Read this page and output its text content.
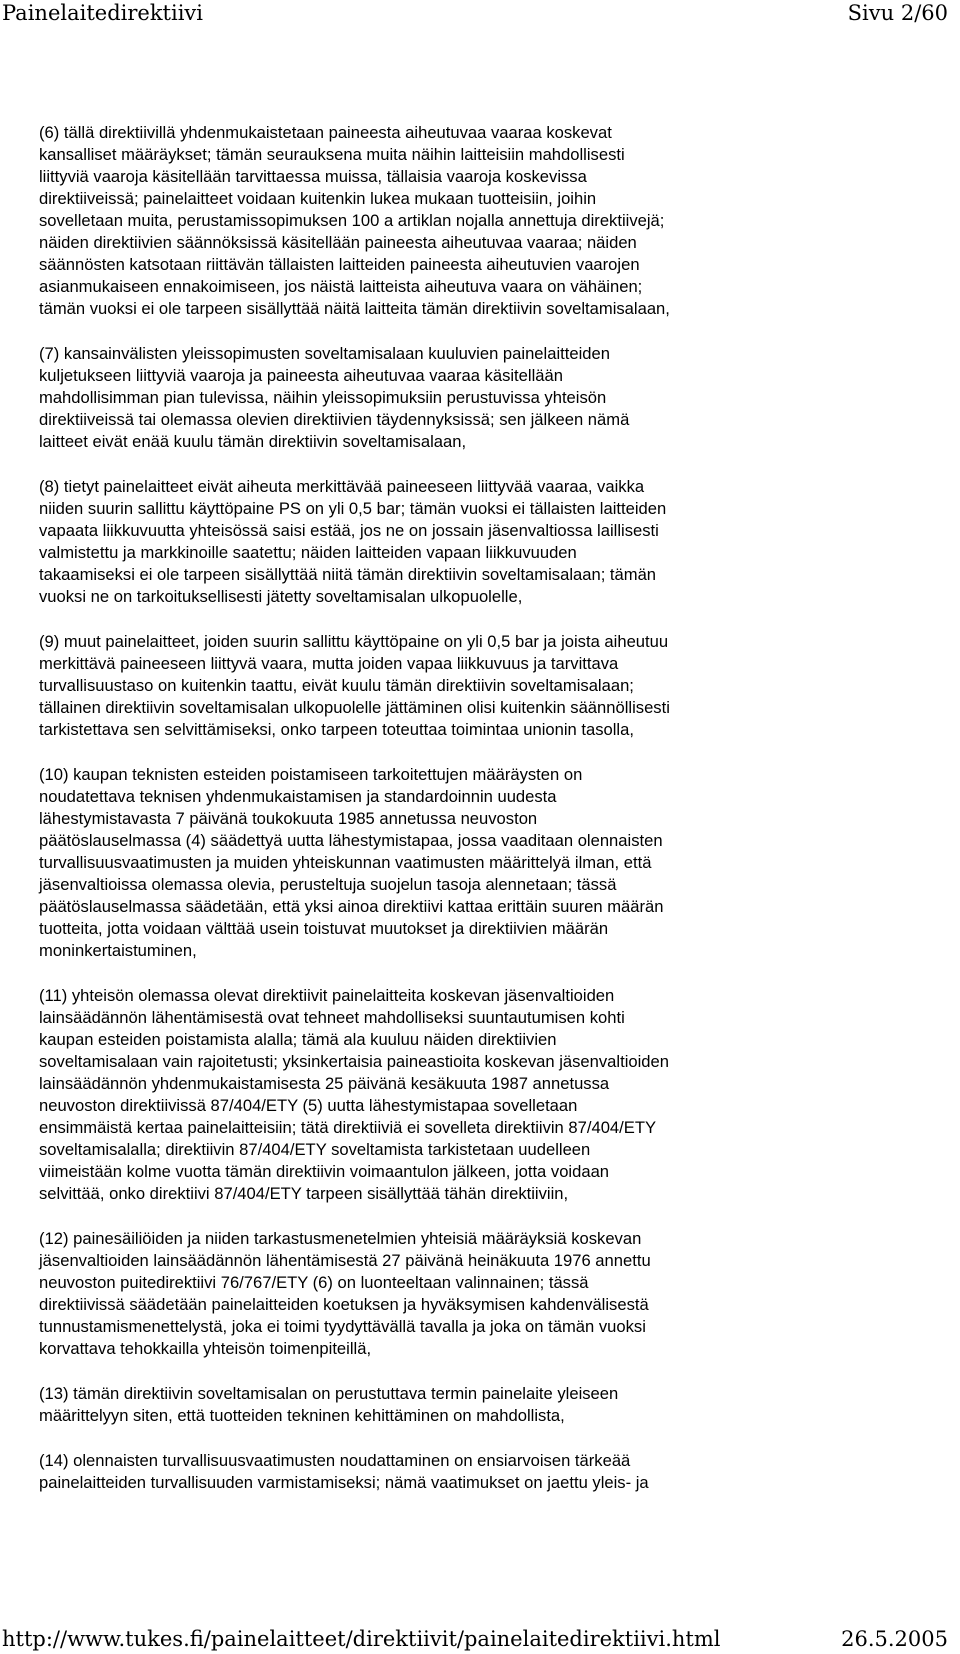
Painelaitedirektiivi	Sivu 2/60

(6) tällä direktiivillä yhdenmukaistetaan paineesta aiheutuvaa vaaraa koskevat
kansalliset määräykset; tämän seurauksena muita näihin laitteisiin mahdollisesti
liittyviä vaaroja käsitellään tarvittaessa muissa, tällaisia vaaroja koskevissa
direktiiveissä; painelaitteet voidaan kuitenkin lukea mukaan tuotteisiin, joihin
sovelletaan muita, perustamissopimuksen 100 a artiklan nojalla annettuja direktiivejä;
näiden direktiivien säännöksissä käsitellään paineesta aiheutuvaa vaaraa; näiden
säännösten katsotaan riittävän tällaisten laitteiden paineesta aiheutuvien vaarojen
asianmukaiseen ennakoimiseen, jos näistä laitteista aiheutuva vaara on vähäinen;
tämän vuoksi ei ole tarpeen sisällyttää näitä laitteita tämän direktiivin soveltamisalaan,

(7) kansainvälisten yleissopimusten soveltamisalaan kuuluvien painelaitteiden
kuljetukseen liittyviä vaaroja ja paineesta aiheutuvaa vaaraa käsitellään
mahdollisimman pian tulevissa, näihin yleissopimuksiin perustuvissa yhteisön
direktiiveissä tai olemassa olevien direktiivien täydennyksissä; sen jälkeen nämä
laitteet eivät enää kuulu tämän direktiivin soveltamisalaan,

(8) tietyt painelaitteet eivät aiheuta merkittävää paineeseen liittyvää vaaraa, vaikka
niiden suurin sallittu käyttöpaine PS on yli 0,5 bar; tämän vuoksi ei tällaisten laitteiden
vapaata liikkuvuutta yhteisössä saisi estää, jos ne on jossain jäsenvaltiossa laillisesti
valmistettu ja markkinoille saatettu; näiden laitteiden vapaan liikkuvuuden
takaamiseksi ei ole tarpeen sisällyttää niitä tämän direktiivin soveltamisalaan; tämän
vuoksi ne on tarkoituksellisesti jätetty soveltamisalan ulkopuolelle,

(9) muut painelaitteet, joiden suurin sallittu käyttöpaine on yli 0,5 bar ja joista aiheutuu
merkittävä paineeseen liittyvä vaara, mutta joiden vapaa liikkuvuus ja tarvittava
turvallisuustaso on kuitenkin taattu, eivät kuulu tämän direktiivin soveltamisalaan;
tällainen direktiivin soveltamisalan ulkopuolelle jättäminen olisi kuitenkin säännöllisesti
tarkistettava sen selvittämiseksi, onko tarpeen toteuttaa toimintaa unionin tasolla,

(10) kaupan teknisten esteiden poistamiseen tarkoitettujen määräysten on
noudatettava teknisen yhdenmukaistamisen ja standardoinnin uudesta
lähestymistavasta 7 päivänä toukokuuta 1985 annetussa neuvoston
päätöslauselmassa (4) säädettyä uutta lähestymistapaa, jossa vaaditaan olennaisten
turvallisuusvaatimusten ja muiden yhteiskunnan vaatimusten määrittelyä ilman, että
jäsenvaltioissa olemassa olevia, perusteltuja suojelun tasoja alennetaan; tässä
päätöslauselmassa säädetään, että yksi ainoa direktiivi kattaa erittäin suuren määrän
tuotteita, jotta voidaan välttää usein toistuvat muutokset ja direktiivien määrän
moninkertaistuminen,

(11) yhteisön olemassa olevat direktiivit painelaitteita koskevan jäsenvaltioiden
lainsäädännön lähentämisestä ovat tehneet mahdolliseksi suuntautumisen kohti
kaupan esteiden poistamista alalla; tämä ala kuuluu näiden direktiivien
soveltamisalaan vain rajoitetusti; yksinkertaisia paineastioita koskevan jäsenvaltioiden
lainsäädännön yhdenmukaistamisesta 25 päivänä kesäkuuta 1987 annetussa
neuvoston direktiivissä 87/404/ETY (5) uutta lähestymistapaa sovelletaan
ensimmäistä kertaa painelaitteisiin; tätä direktiiviä ei sovelleta direktiivin 87/404/ETY
soveltamisalalla; direktiivin 87/404/ETY soveltamista tarkistetaan uudelleen
viimeistään kolme vuotta tämän direktiivin voimaantulon jälkeen, jotta voidaan
selvittää, onko direktiivi 87/404/ETY tarpeen sisällyttää tähän direktiiviin,

(12) painesäiliöiden ja niiden tarkastusmenetelmien yhteisiä määräyksiä koskevan
jäsenvaltioiden lainsäädännön lähentämisestä 27 päivänä heinäkuuta 1976 annettu
neuvoston puitedirektiivi 76/767/ETY (6) on luonteeltaan valinnainen; tässä
direktiivissä säädetään painelaitteiden koetuksen ja hyväksymisen kahdenvälisestä
tunnustamismenettelystä, joka ei toimi tyydyttävällä tavalla ja joka on tämän vuoksi
korvattava tehokkailla yhteisön toimenpiteillä,

(13) tämän direktiivin soveltamisalan on perustuttava termin painelaite yleiseen
määrittelyyn siten, että tuotteiden tekninen kehittäminen on mahdollista,

(14) olennaisten turvallisuusvaatimusten noudattaminen on ensiarvoisen tärkeää
painelaitteiden turvallisuuden varmistamiseksi; nämä vaatimukset on jaettu yleis- ja

http://www.tukes.fi/painelaitteet/direktiivit/painelaitedirektiivi.html	26.5.2005
